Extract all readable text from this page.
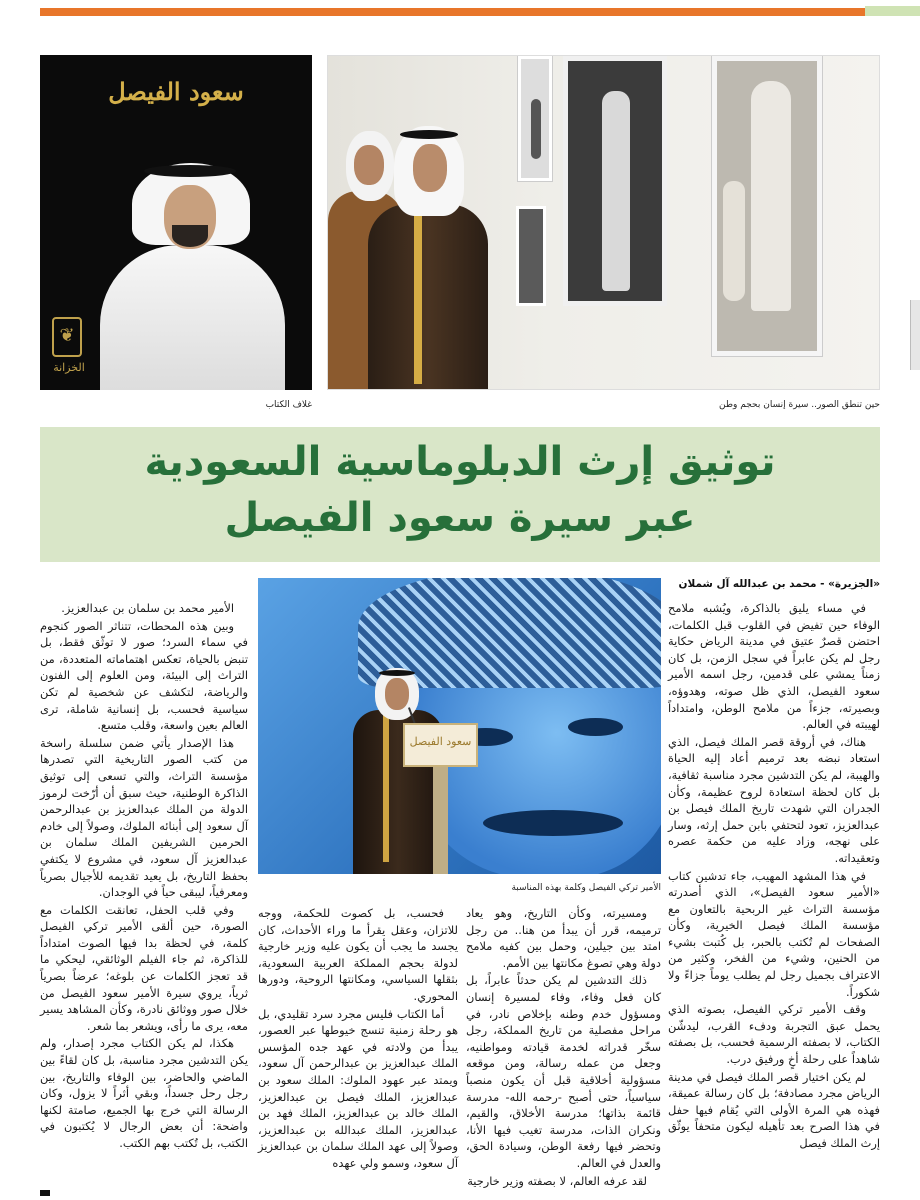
سعود الفيصل
❦
الخزانة
حين تنطق الصور.. سيرة إنسان بحجم وطن
غلاف الكتاب
توثيق إرث الدبلوماسية السعودية
عبر سيرة سعود الفيصل
«الجزيرة» - محمد بن عبدالله آل شملان
سعود الفيصل
الأمير تركي الفيصل وكلمة بهذه المناسبة

في مساء يليق بالذاكرة، ويُشبه ملامح الوفاء حين تفيض في القلوب قبل الكلمات، احتضن قصرٌ عتيق في مدينة الرياض حكاية رجل لم يكن عابراً في سجل الزمن، بل كان زمناً يمشي على قدمين، رجل اسمه الأمير سعود الفيصل، الذي ظل صوته، وهدوؤه، وبصيرته، جزءاً من ملامح الوطن، وامتداداً لهيبته في العالم.

هناك، في أروقة قصر الملك فيصل، الذي استعاد نبضه بعد ترميم أعاد إليه الحياة والهيبة، لم يكن التدشين مجرد مناسبة ثقافية، بل كان لحظة استعادة لروح عظيمة، وكأن الجدران التي شهدت تاريخ الملك فيصل بن عبدالعزيز، تعود لتحتفي بابن حمل إرثه، وسار على نهجه، وزاد عليه من حكمة عصره وتعقيداته.

في هذا المشهد المهيب، جاء تدشين كتاب «الأمير سعود الفيصل»، الذي أصدرته مؤسسة التراث غير الربحية بالتعاون مع مؤسسة الملك فيصل الخيرية، وكأن الصفحات لم تُكتب بالحبر، بل كُتبت بشيء من الحنين، وشيء من الفخر، وكثير من الاعتراف بجميل رجل لم يطلب يوماً جزاءً ولا شكوراً.

وقف الأمير تركي الفيصل، بصوته الذي يحمل عبق التجربة ودفء القرب، ليدشّن الكتاب، لا بصفته الرسمية فحسب، بل بصفته شاهداً على رحلة أخٍ ورفيق درب.

لم يكن اختيار قصر الملك فيصل في مدينة الرياض مجرد مصادفة؛ بل كان رسالة عميقة، فهذه هي المرة الأولى التي يُقام فيها حفل في هذا الصرح بعد تأهيله ليكون متحفاً يوثّق إرث الملك فيصل

ومسيرته، وكأن التاريخ، وهو يعاد ترميمه، قرر أن يبدأ من هنا.. من رجل امتد بين جيلين، وحمل بين كفيه ملامح دولة وهي تصوغ مكانتها بين الأمم.

ذلك التدشين لم يكن حدثاً عابراً، بل كان فعل وفاء، وفاء لمسيرة إنسان ومسؤول خدم وطنه بإخلاص نادر، في مراحل مفصلية من تاريخ المملكة، رجل سخّر قدراته لخدمة قيادته ومواطنيه، وجعل من عمله رسالة، ومن موقعه مسؤولية أخلاقية قبل أن يكون منصباً سياسياً، حتى أصبح -رحمه الله- مدرسة قائمة بذاتها؛ مدرسة الأخلاق، والقيم، ونكران الذات، مدرسة تغيب فيها الأنا، وتحضر فيها رفعة الوطن، وسيادة الحق، والعدل في العالم.

لقد عرفه العالم، لا بصفته وزير خارجية

فحسب، بل كصوت للحكمة، ووجه للاتزان، وعقل يقرأ ما وراء الأحداث، كان يجسد ما يجب أن يكون عليه وزير خارجية لدولة بحجم المملكة العربية السعودية، بثقلها السياسي، ومكانتها الروحية، ودورها المحوري.

أما الكتاب فليس مجرد سرد تقليدي، بل هو رحلة زمنية تنسج خيوطها عبر العصور، يبدأ من ولادته في عهد جده المؤسس الملك عبدالعزيز بن عبدالرحمن آل سعود، ويمتد عبر عهود الملوك: الملك سعود بن عبدالعزيز، الملك فيصل بن عبدالعزيز، الملك خالد بن عبدالعزيز، الملك فهد بن عبدالعزيز، الملك عبدالله بن عبدالعزيز، وصولاً إلى عهد الملك سلمان بن عبدالعزيز آل سعود، وسمو ولي عهده

الأمير محمد بن سلمان بن عبدالعزيز.

وبين هذه المحطات، تتناثر الصور كنجوم في سماء السرد؛ صور لا توثّق فقط، بل تنبض بالحياة، تعكس اهتماماته المتعددة، من التراث إلى البيئة، ومن العلوم إلى الفنون والرياضة، لتكشف عن شخصية لم تكن سياسية فحسب، بل إنسانية شاملة، ترى العالم بعين واسعة، وقلب متسع.

هذا الإصدار يأتي ضمن سلسلة راسخة من كتب الصور التاريخية التي تصدرها مؤسسة التراث، والتي تسعى إلى توثيق الذاكرة الوطنية، حيث سبق أن أرّخت لرموز الدولة من الملك عبدالعزيز بن عبدالرحمن آل سعود إلى أبنائه الملوك، وصولاً إلى خادم الحرمين الشريفين الملك سلمان بن عبدالعزيز آل سعود، في مشروع لا يكتفي بحفظ التاريخ، بل يعيد تقديمه للأجيال بصرياً ومعرفياً، ليبقى حياً في الوجدان.

وفي قلب الحفل، تعانقت الكلمات مع الصورة، حين ألقى الأمير تركي الفيصل كلمة، في لحظة بدا فيها الصوت امتداداً للذاكرة، ثم جاء الفيلم الوثائقي، ليحكي ما قد تعجز الكلمات عن بلوغه؛ عرضاً بصرياً ثرياً، يروي سيرة الأمير سعود الفيصل من خلال صور ووثائق نادرة، وكأن المشاهد يسير معه، يرى ما رأى، ويشعر بما شعر.

هكذا، لم يكن الكتاب مجرد إصدار، ولم يكن التدشين مجرد مناسبة، بل كان لقاءً بين الماضي والحاضر، بين الوفاء والتاريخ، بين رجل رحل جسداً، وبقي أثراً لا يزول، وكان الرسالة التي خرج بها الجميع، صامتة لكنها واضحة: أن بعض الرجال لا يُكتبون في الكتب، بل تُكتب بهم الكتب.
